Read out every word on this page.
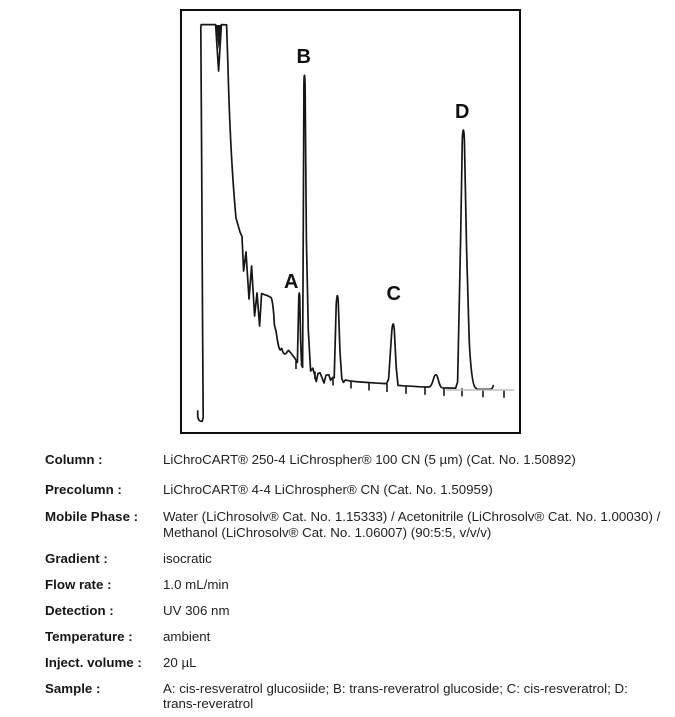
A
B
C
D
Column :	LiChroCART® 250-4 LiChrospher® 100 CN (5 µm) (Cat. No. 1.50892)
Precolumn :	LiChroCART® 4-4 LiChrospher® CN (Cat. No. 1.50959)
Mobile Phase :	Water (LiChrosolv® Cat. No. 1.15333) / Acetonitrile (LiChrosolv® Cat. No. 1.00030) / Methanol (LiChrosolv® Cat. No. 1.06007) (90:5:5, v/v/v)
Gradient :	isocratic
Flow rate :	1.0 mL/min
Detection :	UV 306 nm
Temperature :	ambient
Inject. volume :	20 µL
Sample :	A: cis-resveratrol glucosiide; B: trans-reveratrol glucoside; C: cis-resveratrol; D: trans-reveratrol
